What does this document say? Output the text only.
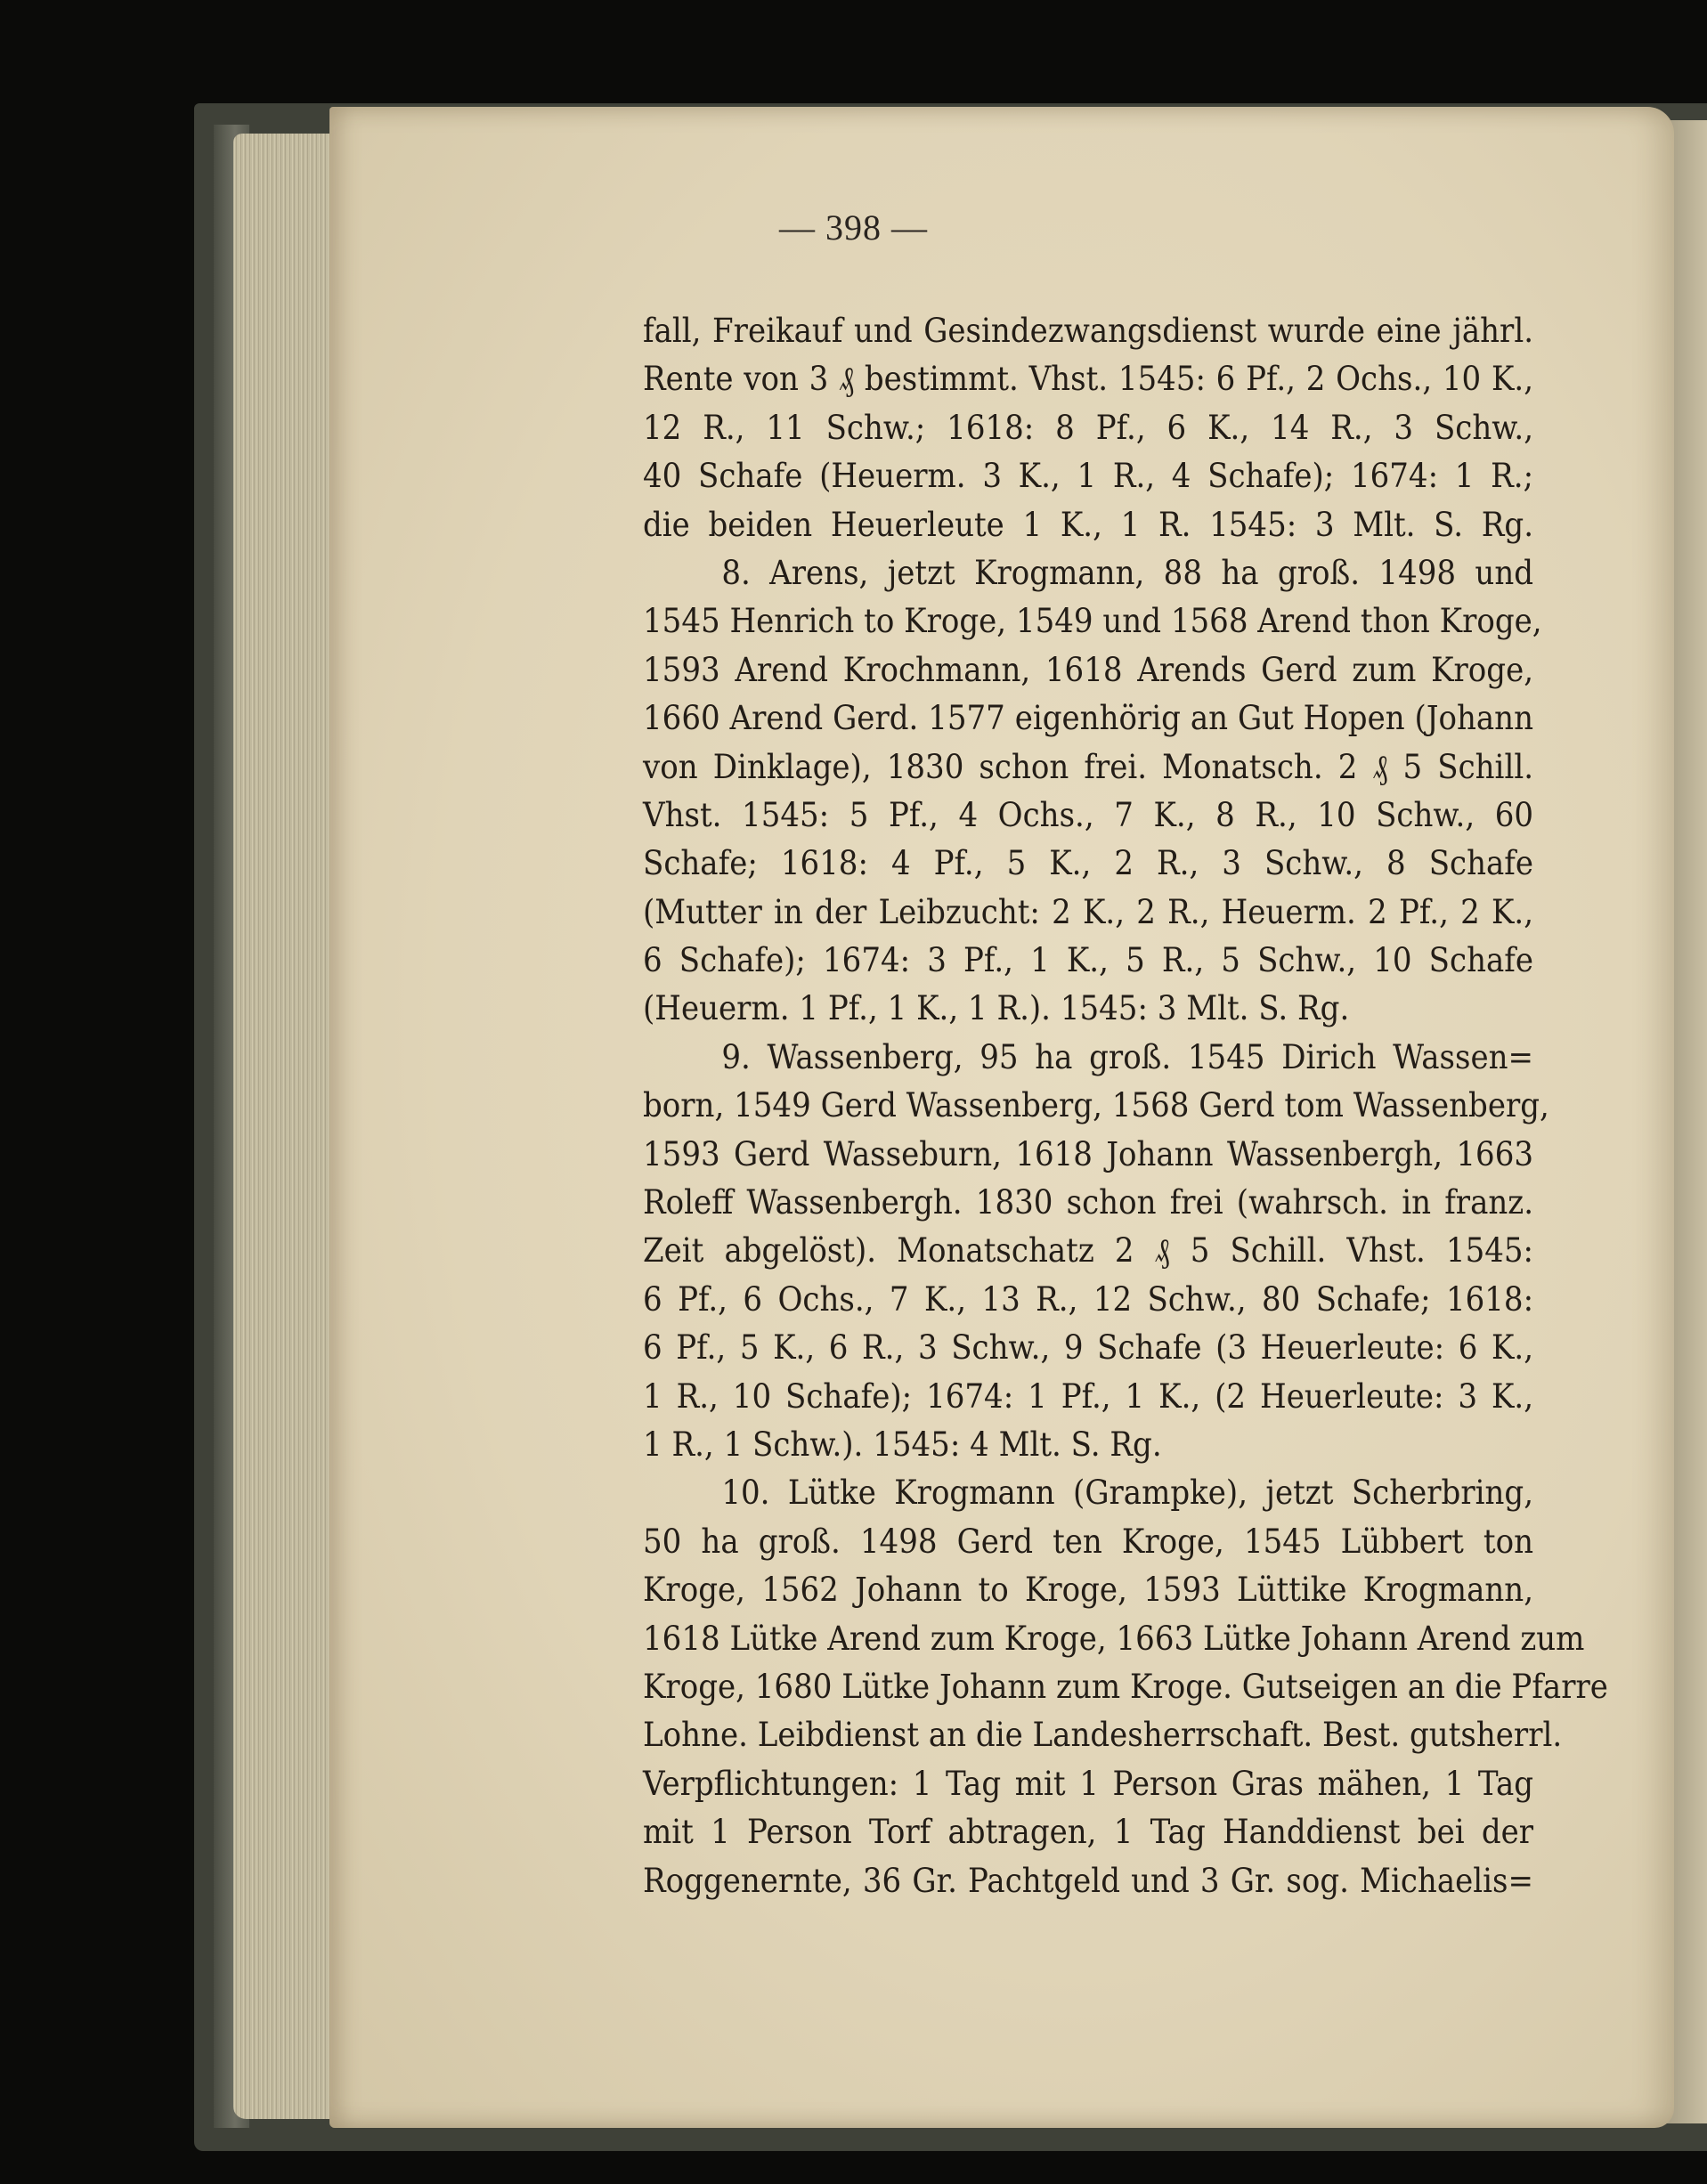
— 398 —
fall, Freikauf und Gesindezwangsdienst wurde eine jährl.
Rente von 3 ₰ bestimmt. Vhst. 1545: 6 Pf., 2 Ochs., 10 K.,
12 R., 11 Schw.; 1618: 8 Pf., 6 K., 14 R., 3 Schw.,
40 Schafe (Heuerm. 3 K., 1 R., 4 Schafe); 1674: 1 R.;
die beiden Heuerleute 1 K., 1 R. 1545: 3 Mlt. S. Rg.
8. Arens, jetzt Krogmann, 88 ha groß. 1498 und
1545 Henrich to Kroge, 1549 und 1568 Arend thon Kroge,
1593 Arend Krochmann, 1618 Arends Gerd zum Kroge,
1660 Arend Gerd. 1577 eigenhörig an Gut Hopen (Johann
von Dinklage), 1830 schon frei. Monatsch. 2 ₰ 5 Schill.
Vhst. 1545: 5 Pf., 4 Ochs., 7 K., 8 R., 10 Schw., 60
Schafe; 1618: 4 Pf., 5 K., 2 R., 3 Schw., 8 Schafe
(Mutter in der Leibzucht: 2 K., 2 R., Heuerm. 2 Pf., 2 K.,
6 Schafe); 1674: 3 Pf., 1 K., 5 R., 5 Schw., 10 Schafe
(Heuerm. 1 Pf., 1 K., 1 R.). 1545: 3 Mlt. S. Rg.
9. Wassenberg, 95 ha groß. 1545 Dirich Wassen=
born, 1549 Gerd Wassenberg, 1568 Gerd tom Wassenberg,
1593 Gerd Wasseburn, 1618 Johann Wassenbergh, 1663
Roleff Wassenbergh. 1830 schon frei (wahrsch. in franz.
Zeit abgelöst). Monatschatz 2 ₰ 5 Schill. Vhst. 1545:
6 Pf., 6 Ochs., 7 K., 13 R., 12 Schw., 80 Schafe; 1618:
6 Pf., 5 K., 6 R., 3 Schw., 9 Schafe (3 Heuerleute: 6 K.,
1 R., 10 Schafe); 1674: 1 Pf., 1 K., (2 Heuerleute: 3 K.,
1 R., 1 Schw.). 1545: 4 Mlt. S. Rg.
10. Lütke Krogmann (Grampke), jetzt Scherbring,
50 ha groß. 1498 Gerd ten Kroge, 1545 Lübbert ton
Kroge, 1562 Johann to Kroge, 1593 Lüttike Krogmann,
1618 Lütke Arend zum Kroge, 1663 Lütke Johann Arend zum
Kroge, 1680 Lütke Johann zum Kroge. Gutseigen an die Pfarre
Lohne. Leibdienst an die Landesherrschaft. Best. gutsherrl.
Verpflichtungen: 1 Tag mit 1 Person Gras mähen, 1 Tag
mit 1 Person Torf abtragen, 1 Tag Handdienst bei der
Roggenernte, 36 Gr. Pachtgeld und 3 Gr. sog. Michaelis=
